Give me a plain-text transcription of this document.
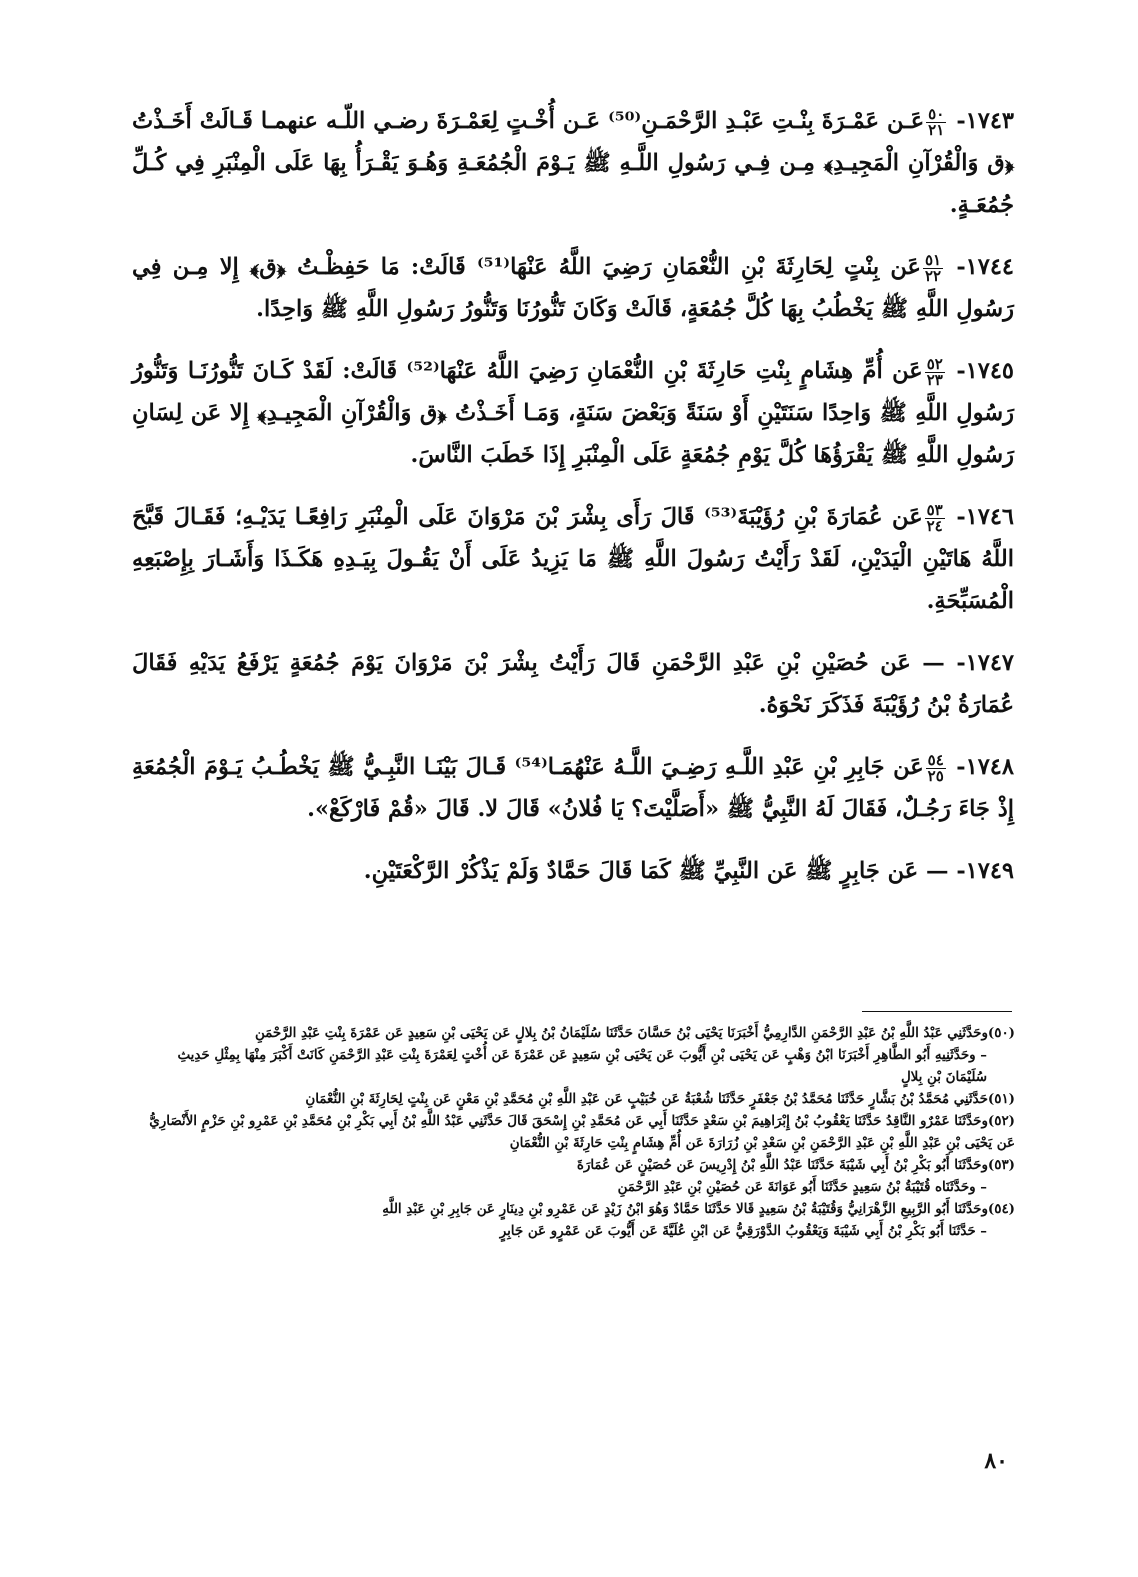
١٧٤٣-
٥٠
٢١
عَـن عَمْـرَةَ بِنْـتِ عَبْـدِ الرَّحْمَـنِ⁽⁵⁰⁾ عَـن أُخْـتٍ لِعَمْـرَةَ رضـي اللّـه عنهمـا قَـالَتْ أَخَـذْتُ ﴿ق وَالْقُرْآنِ الْمَجِيـدِ﴾ مِـن فِـي رَسُولِ اللَّـهِ ﷺ يَـوْمَ الْجُمُعَـةِ وَهُـوَ يَقْـرَأُ بِهَا عَلَى الْمِنْبَرِ فِي كُـلِّ جُمُعَـةٍ.

١٧٤٤-
٥١
٢٢
عَن بِنْتٍ لِحَارِثَةَ بْنِ النُّعْمَانِ رَضِيَ اللَّهُ عَنْهَا⁽⁵¹⁾ قَالَتْ: مَا حَفِظْـتُ ﴿ق﴾ إِلا مِـن فِي رَسُولِ اللَّهِ ﷺ يَخْطُبُ بِهَا كُلَّ جُمُعَةٍ، قَالَتْ وَكَانَ تَنُّورُنَا وَتَنُّورُ رَسُولِ اللَّهِ ﷺ وَاحِدًا.

١٧٤٥-
٥٢
٢٣
عَن أُمِّ هِشَامٍ بِنْتِ حَارِثَةَ بْنِ النُّعْمَانِ رَضِيَ اللَّهُ عَنْهَا⁽⁵²⁾ قَالَتْ: لَقَدْ كَـانَ تَنُّورُنَـا وَتَنُّورُ رَسُولِ اللَّهِ ﷺ وَاحِدًا سَنَتَيْنِ أَوْ سَنَةً وَبَعْضَ سَنَةٍ، وَمَـا أَخَـذْتُ ﴿ق وَالْقُرْآنِ الْمَجِيـدِ﴾ إِلا عَن لِسَانِ رَسُولِ اللَّهِ ﷺ يَقْرَؤُهَا كُلَّ يَوْمِ جُمُعَةٍ عَلَى الْمِنْبَرِ إِذَا خَطَبَ النَّاسَ.

١٧٤٦-
٥٣
٢٤
عَن عُمَارَةَ بْنِ رُؤَيْبَةَ⁽⁵³⁾ قَالَ رَأَى بِشْرَ بْنَ مَرْوَانَ عَلَى الْمِنْبَرِ رَافِعًـا يَدَيْـهِ؛ فَقَـالَ قَبَّحَ اللَّهُ هَاتَيْنِ الْيَدَيْنِ، لَقَدْ رَأَيْتُ رَسُولَ اللَّهِ ﷺ مَا يَزِيدُ عَلَى أَنْ يَقُـولَ بِيَـدِهِ هَكَـذَا وَأَشَـارَ بِإِصْبَعِهِ الْمُسَبِّحَةِ.

١٧٤٧- — عَن حُصَيْنِ بْنِ عَبْدِ الرَّحْمَنِ قَالَ رَأَيْتُ بِشْرَ بْنَ مَرْوَانَ يَوْمَ جُمُعَةٍ يَرْفَعُ يَدَيْهِ فَقَالَ عُمَارَةُ بْنُ رُؤَيْبَةَ فَذَكَرَ نَحْوَهُ.

١٧٤٨-
٥٤
٢٥
عَن جَابِرِ بْنِ عَبْدِ اللَّـهِ رَضِـيَ اللَّـهُ عَنْهُمَـا⁽⁵⁴⁾ قَـالَ بَيْنَـا النَّبِـيُّ ﷺ يَخْطُـبُ يَـوْمَ الْجُمُعَةِ إِذْ جَاءَ رَجُـلٌ، فَقَالَ لَهُ النَّبِيُّ ﷺ «أَصَلَّيْتَ؟ يَا فُلانُ» قَالَ لا. قَالَ «قُمْ فَارْكَعْ».

١٧٤٩- — عَن جَابِرٍ ﷺ عَن النَّبِيِّ ﷺ كَمَا قَالَ حَمَّادٌ وَلَمْ يَذْكُرْ الرَّكْعَتَيْنِ.

(٥٠)وحَدَّثَنِي عَبْدُ اللَّهِ بْنُ عَبْدِ الرَّحْمَنِ الدَّارِمِيُّ أَخْبَرَنَا يَحْيَى بْنُ حَسَّانَ حَدَّثَنَا سُلَيْمَانُ بْنُ بِلالٍ عَن يَحْيَى بْنِ سَعِيدٍ عَن عَمْرَةَ بِنْتِ عَبْدِ الرَّحْمَنِ

– وحَدَّثَنِيهِ أَبُو الطَّاهِرِ أَخْبَرَنَا ابْنُ وَهْبٍ عَن يَحْيَى بْنِ أَيُّوبَ عَن يَحْيَى بْنِ سَعِيدٍ عَن عَمْرَةَ عَن أُخْتٍ لِعَمْرَةَ بِنْتِ عَبْدِ الرَّحْمَنِ كَانَتْ أَكْبَرَ مِنْهَا بِمِثْلِ حَدِيثِ سُلَيْمَانَ بْنِ بِلالٍ

(٥١)حَدَّثَنِي مُحَمَّدُ بْنُ بَشَّارٍ حَدَّثَنَا مُحَمَّدُ بْنُ جَعْفَرٍ حَدَّثَنَا شُعْبَةُ عَن خُبَيْبٍ عَن عَبْدِ اللَّهِ بْنِ مُحَمَّدِ بْنِ مَعْنٍ عَن بِنْتٍ لِحَارِثَةَ بْنِ النُّعْمَانِ

(٥٢)وحَدَّثَنَا عَمْرٌو النَّاقِدُ حَدَّثَنَا يَعْقُوبُ بْنُ إِبْرَاهِيمَ بْنِ سَعْدٍ حَدَّثَنَا أَبِي عَن مُحَمَّدِ بْنِ إِسْحَقَ قَالَ حَدَّثَنِي عَبْدُ اللَّهِ بْنُ أَبِي بَكْرِ بْنِ مُحَمَّدِ بْنِ عَمْرِو بْنِ حَزْمٍ الأَنْصَارِيُّ عَن يَحْيَى بْنِ عَبْدِ اللَّهِ بْنِ عَبْدِ الرَّحْمَنِ بْنِ سَعْدِ بْنِ زُرَارَةَ عَن أُمِّ هِشَامٍ بِنْتِ حَارِثَةَ بْنِ النُّعْمَانِ

(٥٣)وحَدَّثَنَا أَبُو بَكْرِ بْنُ أَبِي شَيْبَةَ حَدَّثَنَا عَبْدُ اللَّهِ بْنُ إِدْرِيسَ عَن حُصَيْنٍ عَن عُمَارَةَ

– وحَدَّثَنَاه قُتَيْبَةُ بْنُ سَعِيدٍ حَدَّثَنَا أَبُو عَوَانَةَ عَن حُصَيْنِ بْنِ عَبْدِ الرَّحْمَنِ

(٥٤)وحَدَّثَنَا أَبُو الرَّبِيعِ الزَّهْرَانِيُّ وَقُتَيْبَةُ بْنُ سَعِيدٍ قَالا حَدَّثَنَا حَمَّادٌ وَهُوَ ابْنُ زَيْدٍ عَن عَمْرِو بْنِ دِينَارٍ عَن جَابِرِ بْنِ عَبْدِ اللَّهِ

– حَدَّثَنَا أَبُو بَكْرِ بْنُ أَبِي شَيْبَةَ وَيَعْقُوبُ الدَّوْرَقِيُّ عَن ابْنِ عُلَيَّةَ عَن أَيُّوبَ عَن عَمْرٍو عَن جَابِرٍ

٨٠
